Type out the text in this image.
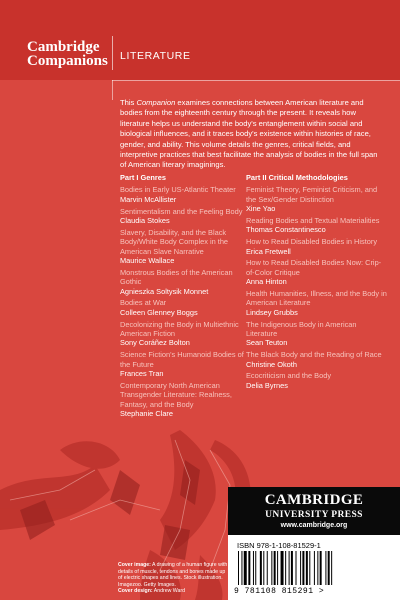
Cambridge
Companions LITERATURE
This Companion examines connections between American literature and bodies from the eighteenth century through the present. It reveals how literature helps us understand the body's entanglement within social and biological influences, and it traces body's existence within histories of race, gender, and ability. This volume details the genres, critical fields, and interpretive practices that best facilitate the analysis of bodies in the full span of American literary imaginings.
Part I Genres
Bodies in Early US-Atlantic Theater
Marvin McAllister
Sentimentalism and the Feeling Body
Claudia Stokes
Slavery, Disability, and the Black Body/White Body Complex in the American Slave Narrative
Maurice Wallace
Monstrous Bodies of the American Gothic
Agnieszka Soltysik Monnet
Bodies at War
Colleen Glenney Boggs
Decolonizing the Body in Multiethnic American Fiction
Sony Coráñez Bolton
Science Fiction's Humanoid Bodies of the Future
Frances Tran
Contemporary North American Transgender Literature: Realness, Fantasy, and the Body
Stephanie Clare
Part II Critical Methodologies
Feminist Theory, Feminist Criticism, and the Sex/Gender Distinction
Xine Yao
Reading Bodies and Textual Materialities
Thomas Constantinesco
How to Read Disabled Bodies in History
Erica Fretwell
How to Read Disabled Bodies Now: Crip-of-Color Critique
Anna Hinton
Health Humanities, Illness, and the Body in American Literature
Lindsey Grubbs
The Indigenous Body in American Literature
Sean Teuton
The Black Body and the Reading of Race
Christine Okoth
Ecocriticism and the Body
Delia Byrnes
Cover image: A drawing of a human figure with details of muscle, tendons and bones made up of electric shapes and lines. Stock illustration. Imagezoo. Getty Images.
Cover design: Andrew Ward
CAMBRIDGE
UNIVERSITY PRESS
www.cambridge.org
ISBN 978-1-108-81529-1
9 781108 815291 >
